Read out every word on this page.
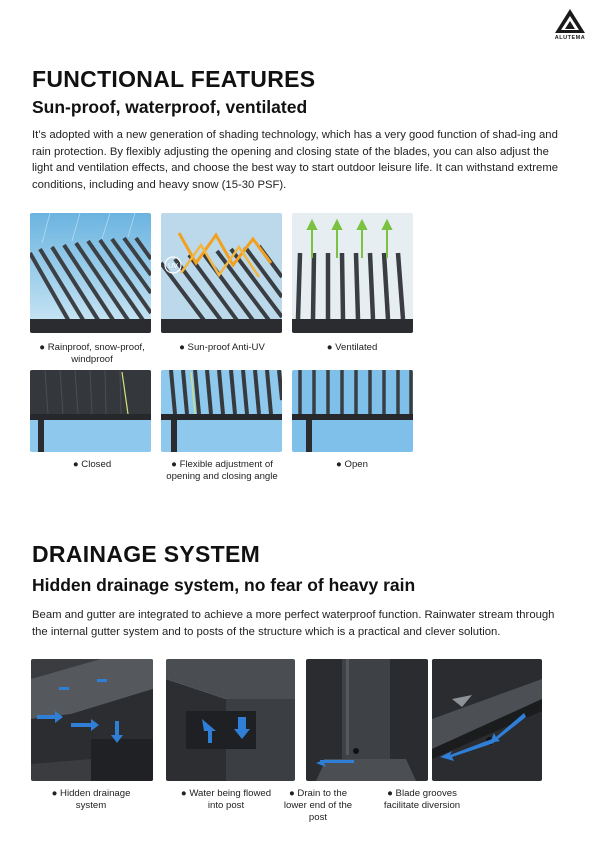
ALUTEMA
FUNCTIONAL FEATURES
Sun-proof, waterproof, ventilated
It’s adopted with a new generation of shading technology, which has a very good function of shad-ing and rain protection. By flexibly adjusting the opening and closing state of the blades, you can also adjust the light and ventilation effects, and choose the best way to start outdoor leisure life. It can withstand extreme conditions, including and heavy snow (15-30 PSF).
UV
● Rainproof, snow-proof,
windproof
● Sun-proof Anti-UV	● Ventilated
● Closed	● Flexible adjustment of
opening and closing angle
● Open
DRAINAGE SYSTEM
Hidden drainage system, no fear of heavy rain
Beam and gutter are integrated to achieve a more perfect waterproof function. Rainwater stream through the internal gutter system and to posts of the structure which is a practical and clever solution.
● Hidden drainage
system
● Water being flowed
into post
● Drain to the
lower end of the
post
● Blade grooves
facilitate diversion
